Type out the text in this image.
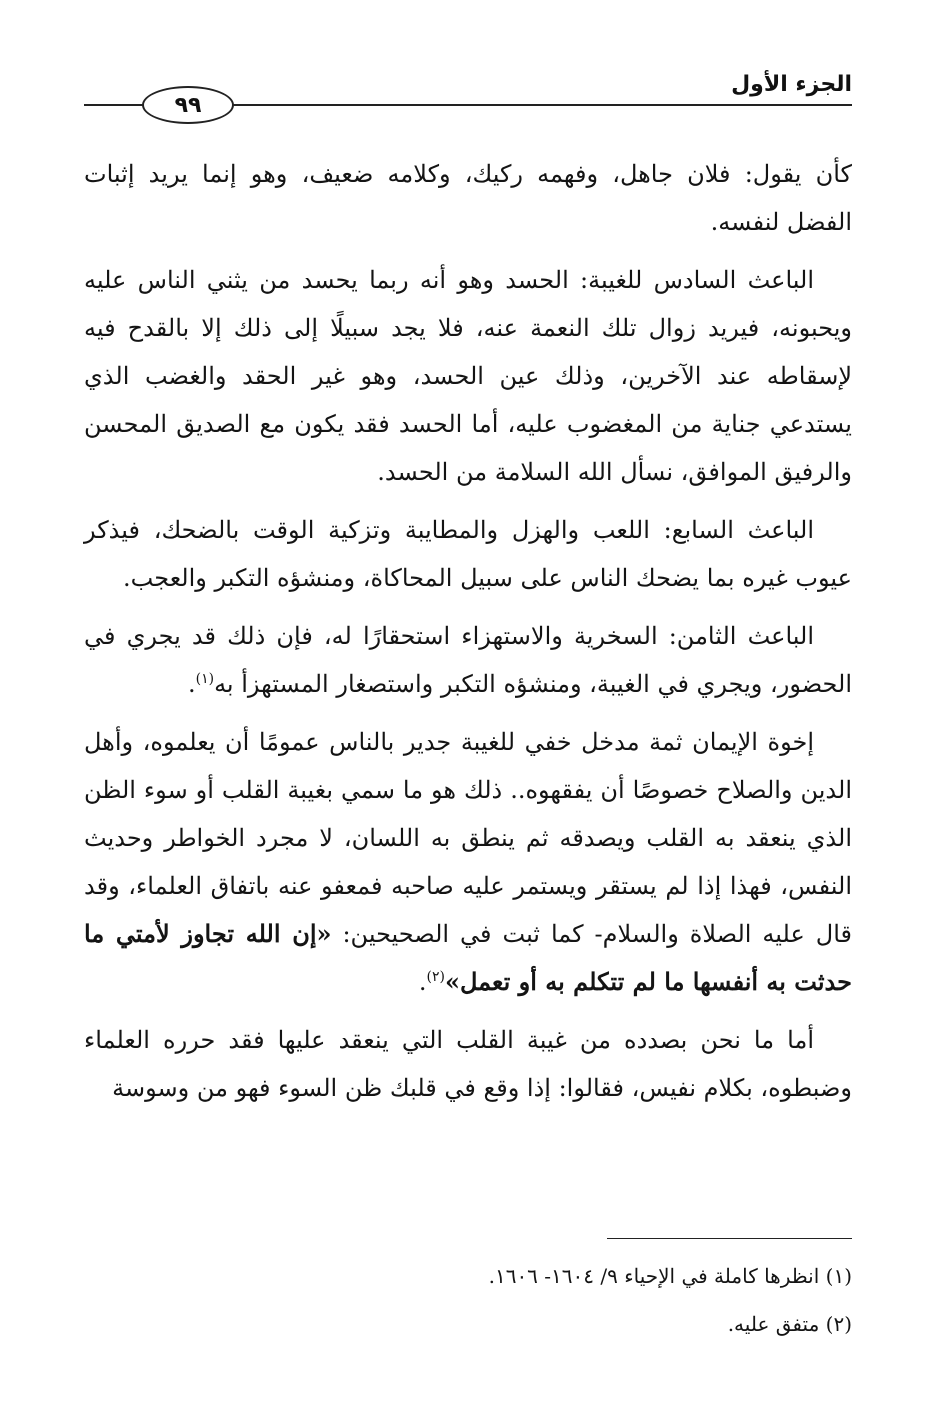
الجزء الأول
٩٩

كأن يقول: فلان جاهل، وفهمه ركيك، وكلامه ضعيف، وهو إنما يريد إثبات الفضل لنفسه.

الباعث السادس للغيبة: الحسد وهو أنه ربما يحسد من يثني الناس عليه ويحبونه، فيريد زوال تلك النعمة عنه، فلا يجد سبيلًا إلى ذلك إلا بالقدح فيه لإسقاطه عند الآخرين، وذلك عين الحسد، وهو غير الحقد والغضب الذي يستدعي جناية من المغضوب عليه، أما الحسد فقد يكون مع الصديق المحسن والرفيق الموافق، نسأل الله السلامة من الحسد.

الباعث السابع: اللعب والهزل والمطايبة وتزكية الوقت بالضحك، فيذكر عيوب غيره بما يضحك الناس على سبيل المحاكاة، ومنشؤه التكبر والعجب.

الباعث الثامن: السخرية والاستهزاء استحقارًا له، فإن ذلك قد يجري في الحضور، ويجري في الغيبة، ومنشؤه التكبر واستصغار المستهزأ به$^{(١)}$.

إخوة الإيمان ثمة مدخل خفي للغيبة جدير بالناس عمومًا أن يعلموه، وأهل الدين والصلاح خصوصًا أن يفقهوه.. ذلك هو ما سمي بغيبة القلب أو سوء الظن الذي ينعقد به القلب ويصدقه ثم ينطق به اللسان، لا مجرد الخواطر وحديث النفس، فهذا إذا لم يستقر ويستمر عليه صاحبه فمعفو عنه باتفاق العلماء، وقد قال عليه الصلاة والسلام- كما ثبت في الصحيحين: «إن الله تجاوز لأمتي ما حدثت به أنفسها ما لم تتكلم به أو تعمل»$^{(٢)}$.

أما ما نحن بصدده من غيبة القلب التي ينعقد عليها فقد حرره العلماء وضبطوه، بكلام نفيس، فقالوا: إذا وقع في قلبك ظن السوء فهو من وسوسة

(١) انظرها كاملة في الإحياء ٩/ ١٦٠٤- ١٦٠٦.

(٢) متفق عليه.
